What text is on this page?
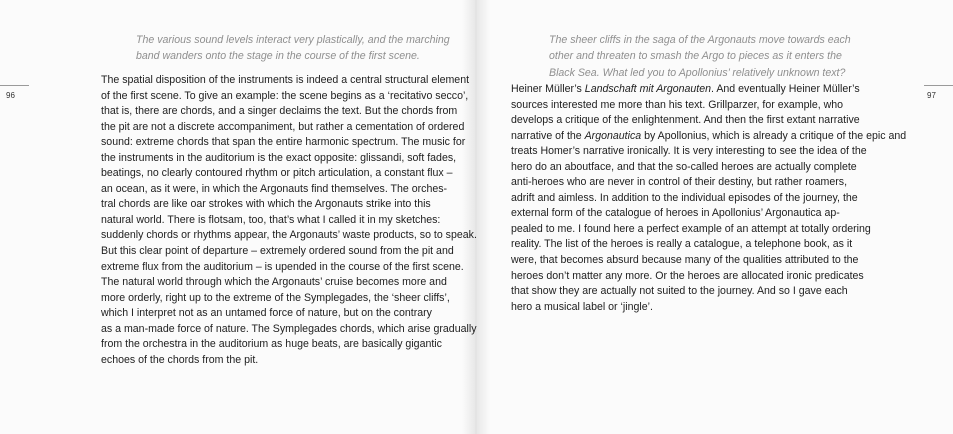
96
The various sound levels interact very plastically, and the marching
band wanders onto the stage in the course of the first scene.
The spatial disposition of the instruments is indeed a central structural element
of the first scene. To give an example: the scene begins as a ‘recitativo secco’,
that is, there are chords, and a singer declaims the text. But the chords from
the pit are not a discrete accompaniment, but rather a cementation of ordered
sound: extreme chords that span the entire harmonic spectrum. The music for
the instruments in the auditorium is the exact opposite: glissandi, soft fades,
beatings, no clearly contoured rhythm or pitch articulation, a constant flux –
an ocean, as it were, in which the Argonauts find themselves. The orches-
tral chords are like oar strokes with which the Argonauts strike into this
natural world. There is flotsam, too, that’s what I called it in my sketches:
suddenly chords or rhythms appear, the Argonauts’ waste products, so to speak.
But this clear point of departure – extremely ordered sound from the pit and
extreme flux from the auditorium – is upended in the course of the first scene.
The natural world through which the Argonauts’ cruise becomes more and
more orderly, right up to the extreme of the Symplegades, the ‘sheer cliffs’,
which I interpret not as an untamed force of nature, but on the contrary
as a man-made force of nature. The Symplegades chords, which arise gradually
from the orchestra in the auditorium as huge beats, are basically gigantic
echoes of the chords from the pit.
97
The sheer cliffs in the saga of the Argonauts move towards each
other and threaten to smash the Argo to pieces as it enters the
Black Sea. What led you to Apollonius’ relatively unknown text?
Heiner Müller’s Landschaft mit Argonauten. And eventually Heiner Müller’s
sources interested me more than his text. Grillparzer, for example, who
develops a critique of the enlightenment. And then the first extant narrative
narrative of the Argonautica by Apollonius, which is already a critique of the epic and
treats Homer’s narrative ironically. It is very interesting to see the idea of the
hero do an aboutface, and that the so-called heroes are actually complete
anti-heroes who are never in control of their destiny, but rather roamers,
adrift and aimless. In addition to the individual episodes of the journey, the
external form of the catalogue of heroes in Apollonius’ Argonautica ap-
pealed to me. I found here a perfect example of an attempt at totally ordering
reality. The list of the heroes is really a catalogue, a telephone book, as it
were, that becomes absurd because many of the qualities attributed to the
heroes don’t matter any more. Or the heroes are allocated ironic predicates
that show they are actually not suited to the journey. And so I gave each
hero a musical label or ‘jingle’.
